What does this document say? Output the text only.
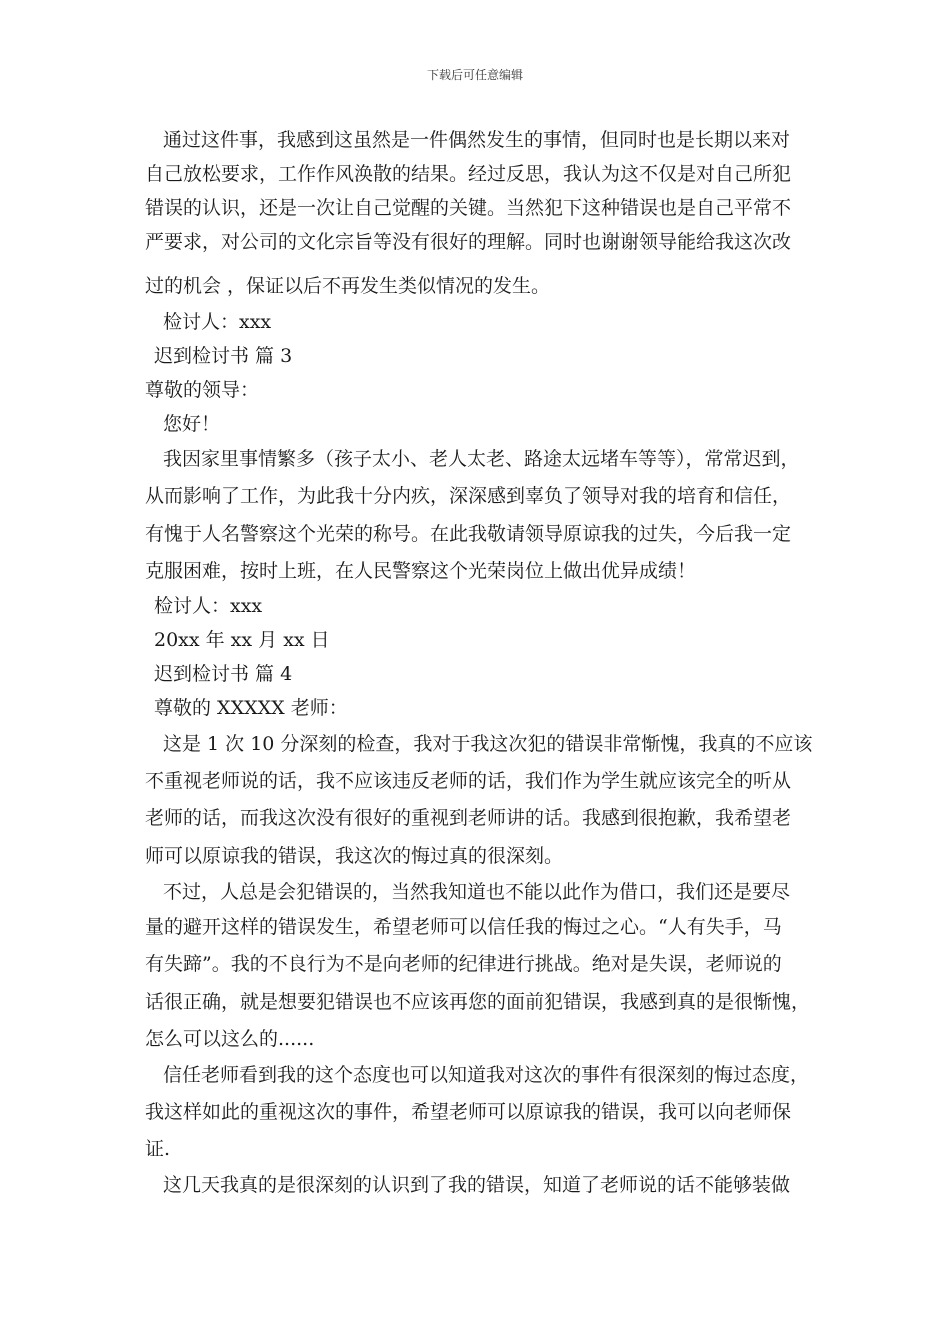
下载后可任意编辑
通过这件事，我感到这虽然是一件偶然发生的事情，但同时也是长期以来对
自己放松要求，工作作风涣散的结果。经过反思，我认为这不仅是对自己所犯
错误的认识，还是一次让自己觉醒的关键。当然犯下这种错误也是自己平常不
严要求，对公司的文化宗旨等没有很好的理解。同时也谢谢领导能给我这次改
过的机会 ，保证以后不再发生类似情况的发生。
检讨人：xxx
迟到检讨书 篇 3
尊敬的领导：
您好！
我因家里事情繁多（孩子太小、老人太老、路途太远堵车等等），常常迟到，
从而影响了工作，为此我十分内疚，深深感到辜负了领导对我的培育和信任，
有愧于人名警察这个光荣的称号。在此我敬请领导原谅我的过失，今后我一定
克服困难，按时上班，在人民警察这个光荣岗位上做出优异成绩！
检讨人：xxx
20xx 年 xx 月 xx 日
迟到检讨书 篇 4
尊敬的 XXXXX 老师：
这是 1 次 10 分深刻的检查，我对于我这次犯的错误非常惭愧，我真的不应该
不重视老师说的话，我不应该违反老师的话，我们作为学生就应该完全的听从
老师的话，而我这次没有很好的重视到老师讲的话。我感到很抱歉，我希望老
师可以原谅我的错误，我这次的悔过真的很深刻。
不过，人总是会犯错误的，当然我知道也不能以此作为借口，我们还是要尽
量的避开这样的错误发生，希望老师可以信任我的悔过之心。“人有失手，马
有失蹄”。我的不良行为不是向老师的纪律进行挑战。绝对是失误，老师说的
话很正确，就是想要犯错误也不应该再您的面前犯错误，我感到真的是很惭愧，
怎么可以这么的......
信任老师看到我的这个态度也可以知道我对这次的事件有很深刻的悔过态度，
我这样如此的重视这次的事件，希望老师可以原谅我的错误，我可以向老师保
证.
这几天我真的是很深刻的认识到了我的错误，知道了老师说的话不能够装做
